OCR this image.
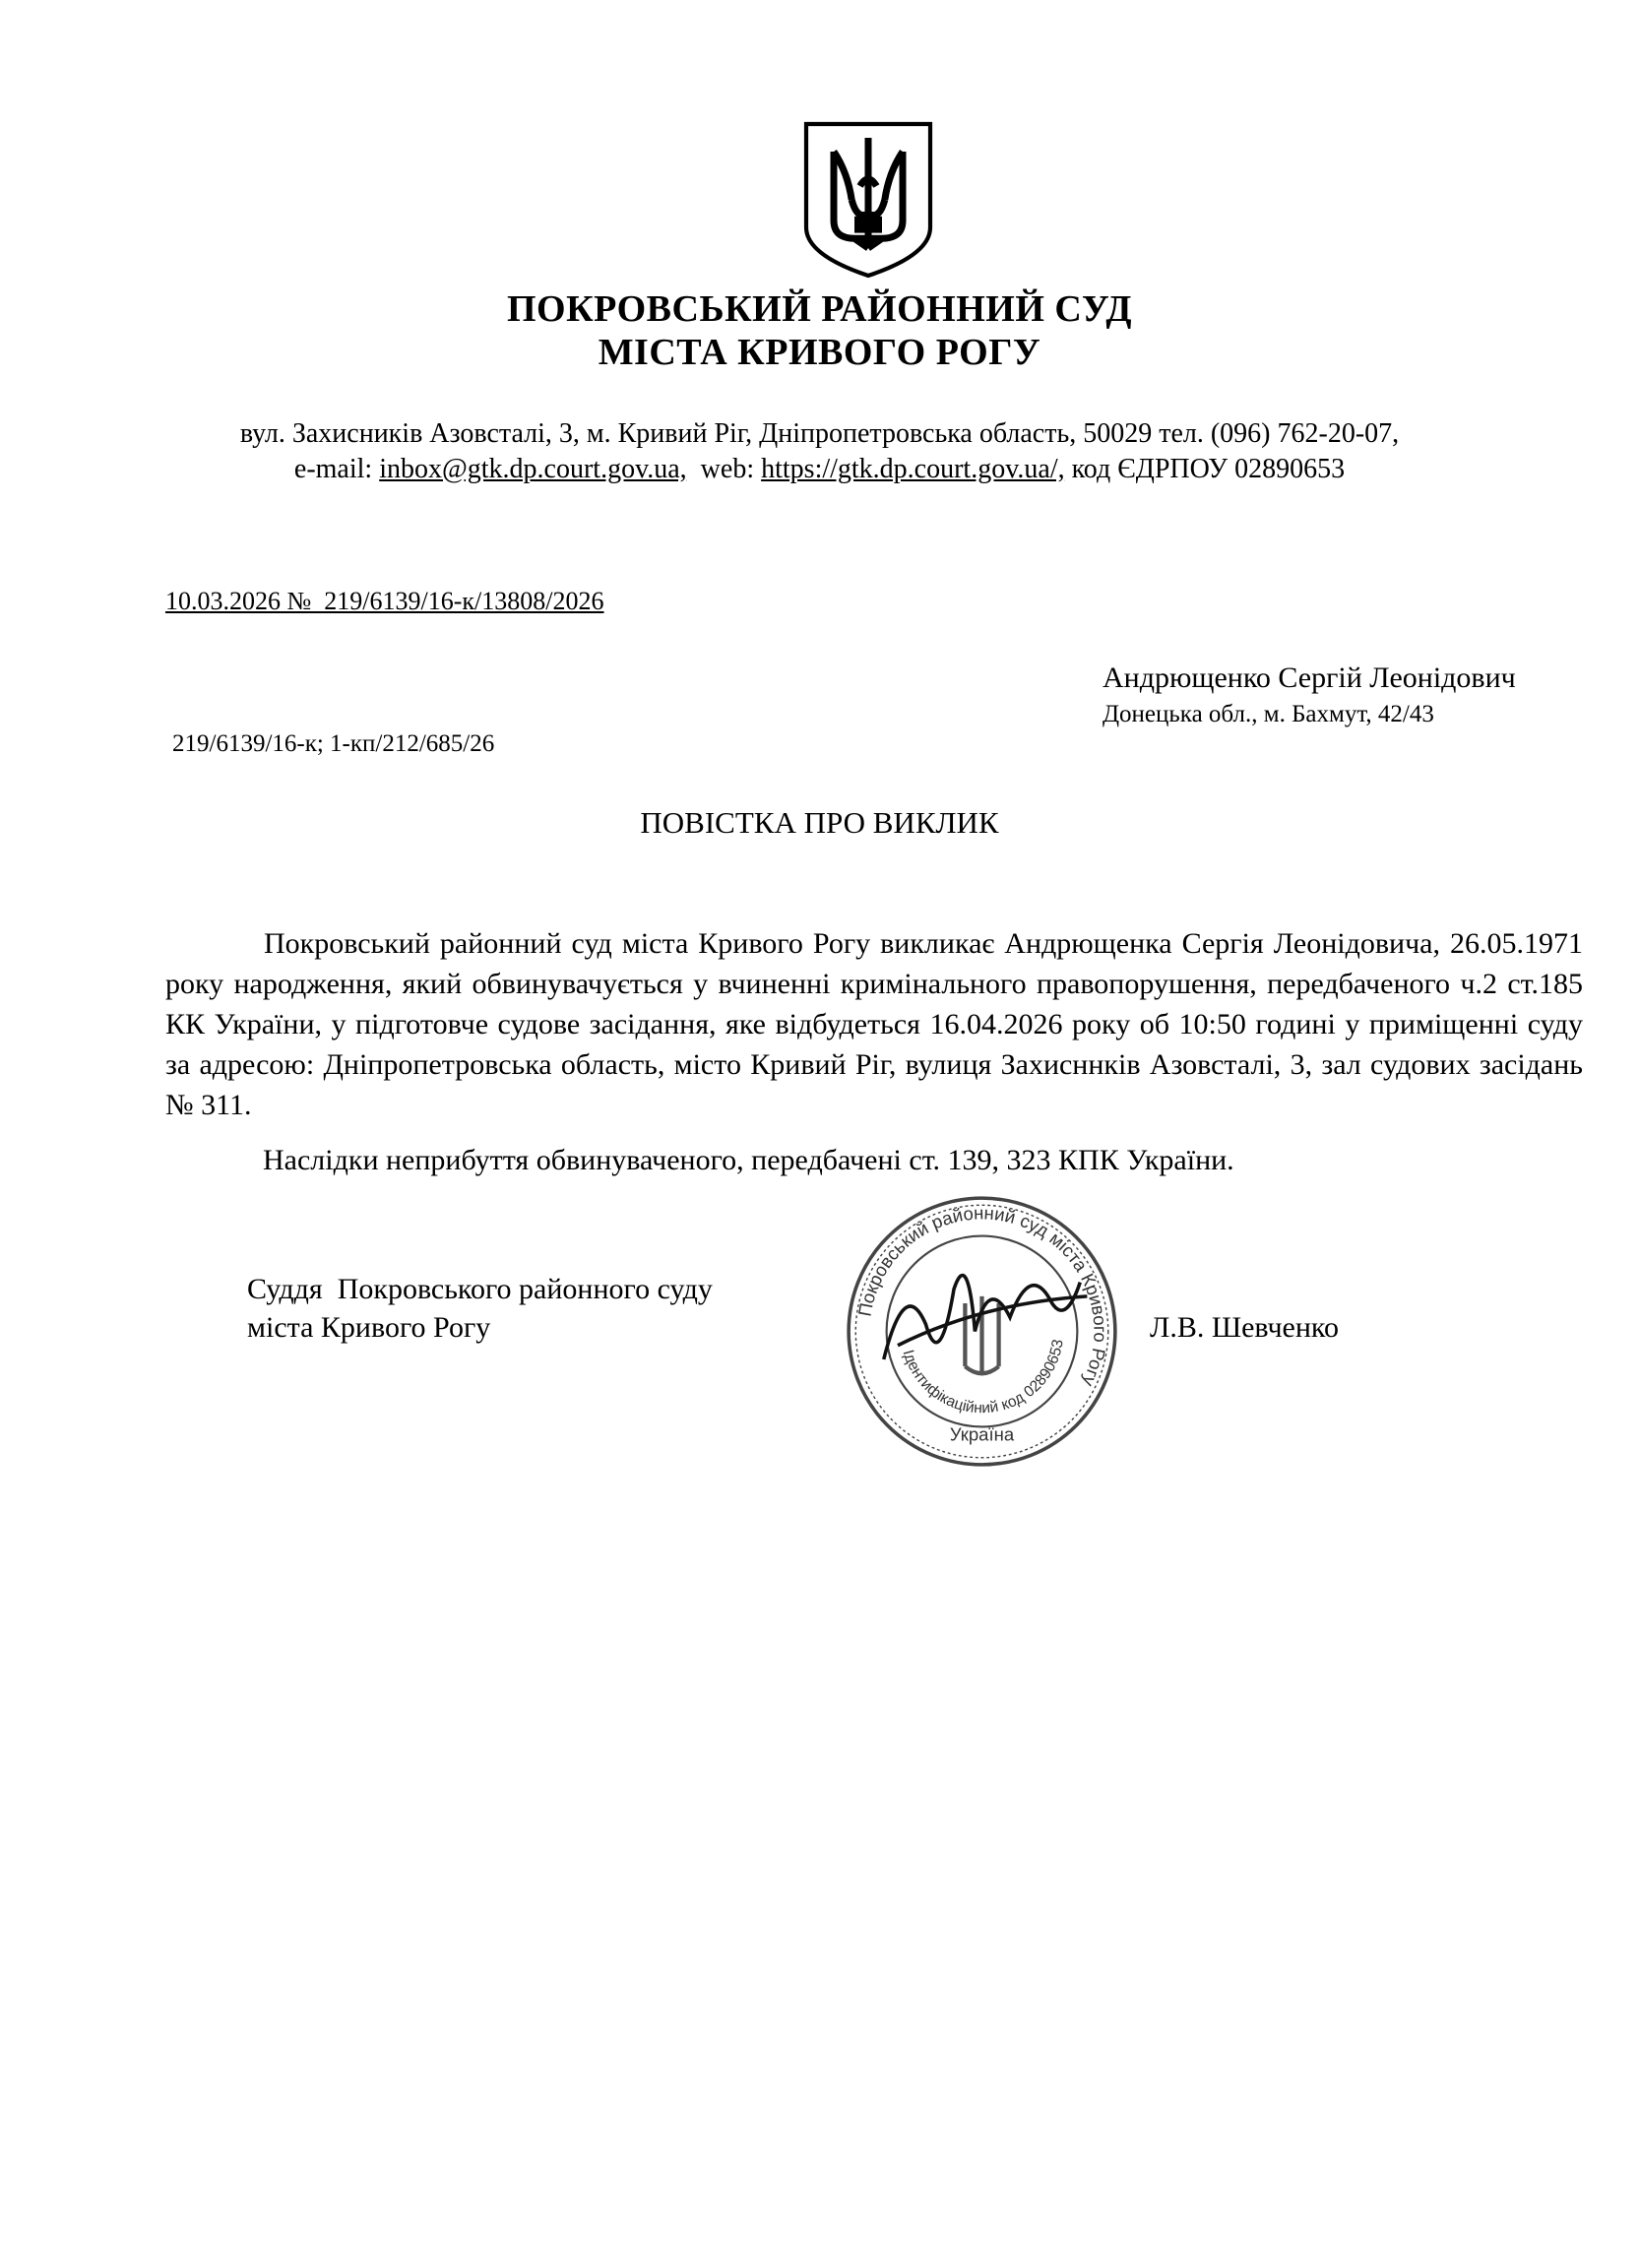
ПОКРОВСЬКИЙ РАЙОННИЙ СУД
МІСТА КРИВОГО РОГУ
вул. Захисників Азовсталі, 3, м. Кривий Ріг, Дніпропетровська область, 50029 тел. (096) 762-20-07,
e-mail: inbox@gtk.dp.court.gov.ua,  web: https://gtk.dp.court.gov.ua/, код ЄДРПОУ 02890653
10.03.2026 №  219/6139/16-к/13808/2026
Андрющенко Сергій Леонідович
Донецька обл., м. Бахмут, 42/43
219/6139/16-к; 1-кп/212/685/26
ПОВІСТКА ПРО ВИКЛИК

Покровський районний суд міста Кривого Рогу викликає Андрющенка Сергія Леонідовича, 26.05.1971 року народження, який обвинувачується у вчиненні кримінального правопорушення, передбаченого ч.2 ст.185 КК України, у підготовче судове засідання, яке відбудеться 16.04.2026 року об 10:50 годині у приміщенні суду за адресою: Дніпропетровська область, місто Кривий Ріг, вулиця Захисннків Азовсталі, 3, зал судових засідань № 311.

Наслідки неприбуття обвинуваченого, передбачені ст. 139, 323 КПК України.
Суддя  Покровського районного суду
міста Кривого Рогу	Л.В. Шевченко
Покровський районний суд міста Кривого Рогу
Ідентифікаційний код 02890653
Україна
